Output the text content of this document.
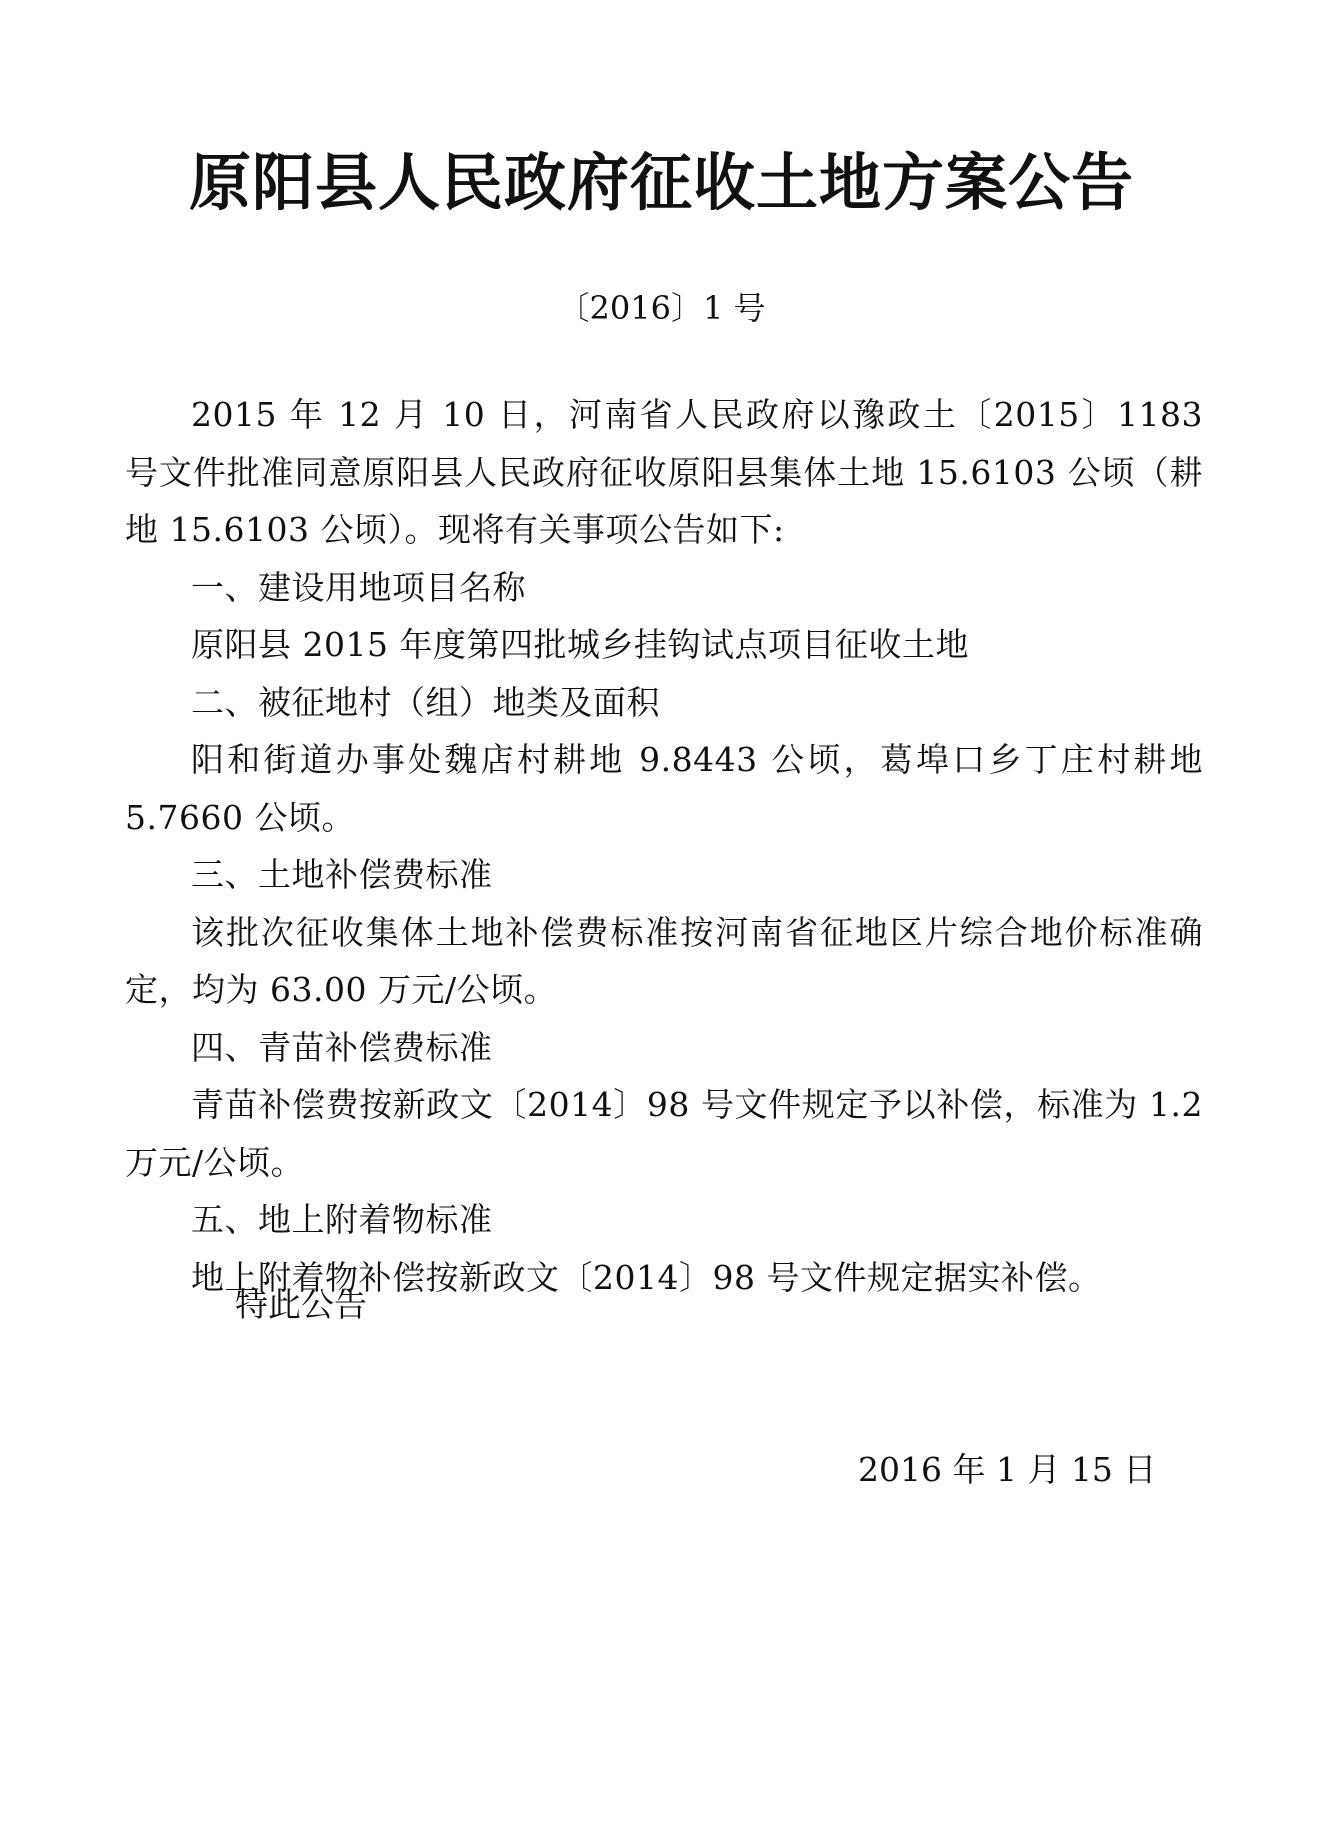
原阳县人民政府征收土地方案公告
〔2016〕1 号

2015 年 12 月 10 日，河南省人民政府以豫政土〔2015〕1183 号文件批准同意原阳县人民政府征收原阳县集体土地 15.6103 公顷（耕地 15.6103 公顷）。现将有关事项公告如下:

一、建设用地项目名称

原阳县 2015 年度第四批城乡挂钩试点项目征收土地

二、被征地村（组）地类及面积

阳和街道办事处魏店村耕地 9.8443 公顷，葛埠口乡丁庄村耕地 5.7660 公顷。

三、土地补偿费标准

该批次征收集体土地补偿费标准按河南省征地区片综合地价标准确定，均为 63.00 万元/公顷。

四、青苗补偿费标准

青苗补偿费按新政文〔2014〕98 号文件规定予以补偿，标准为 1.2 万元/公顷。

五、地上附着物标准

地上附着物补偿按新政文〔2014〕98 号文件规定据实补偿。

特此公告
2016 年 1 月 15 日
